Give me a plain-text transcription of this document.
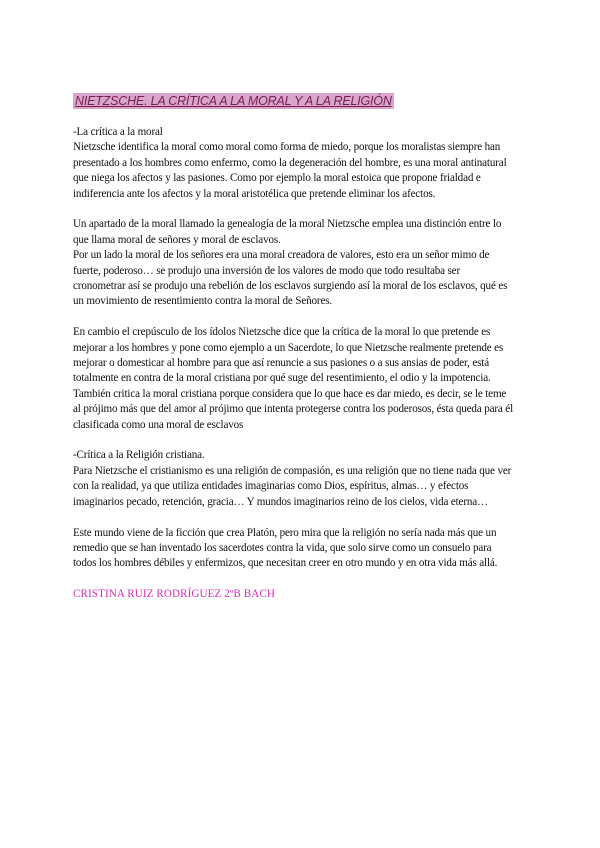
NIETZSCHE. LA CRÍTICA A LA MORAL Y A LA RELIGIÓN
-La crítica a la moral
Nietzsche identifica la moral como moral como forma de miedo, porque los moralistas siempre han
presentado a los hombres como enfermo, como la degeneración del hombre, es una moral antinatural
que niega los afectos y las pasiones. Como por ejemplo la moral estoica que propone frialdad e
indiferencia ante los afectos y la moral aristotélica que pretende eliminar los afectos.
Un apartado de la moral llamado la genealogía de la moral Nietzsche emplea una distinción entre lo
que llama moral de señores y moral de esclavos.
Por un lado la moral de los señores era una moral creadora de valores, esto era un señor mimo de
fuerte, poderoso… se produjo una inversión de los valores de modo que todo resultaba ser
cronometrar así se produjo una rebelión de los esclavos surgiendo así la moral de los esclavos, qué es
un movimiento de resentimiento contra la moral de Señores.
En cambio el crepúsculo de los ídolos Nietzsche dice que la crítica de la moral lo que pretende es
mejorar a los hombres y pone como ejemplo a un Sacerdote, lo que Nietzsche realmente pretende es
mejorar o domesticar al hombre para que así renuncie a sus pasiones o a sus ansias de poder, está
totalmente en contra de la moral cristiana por qué suge del resentimiento, el odio y la impotencia.
También critica la moral cristiana porque considera que lo que hace es dar miedo, es decir, se le teme
al prójimo más que del amor al prójimo que intenta protegerse contra los poderosos, ésta queda para él
clasificada como una moral de esclavos
-Crítica a la Religión cristiana.
Para Nietzsche el cristianismo es una religión de compasión, es una religión que no tiene nada que ver
con la realidad, ya que utiliza entidades imaginarias como Dios, espíritus, almas… y efectos
imaginarios pecado, retención, gracia… Y mundos imaginarios reino de los cielos, vida eterna…
Este mundo viene de la ficción que crea Platón, pero mira que la religión no sería nada más que un
remedio que se han inventado los sacerdotes contra la vida, que solo sirve como un consuelo para
todos los hombres débiles y enfermizos, que necesitan creer en otro mundo y en otra vida más allá.
CRISTINA RUIZ RODRÍGUEZ 2ºB BACH
